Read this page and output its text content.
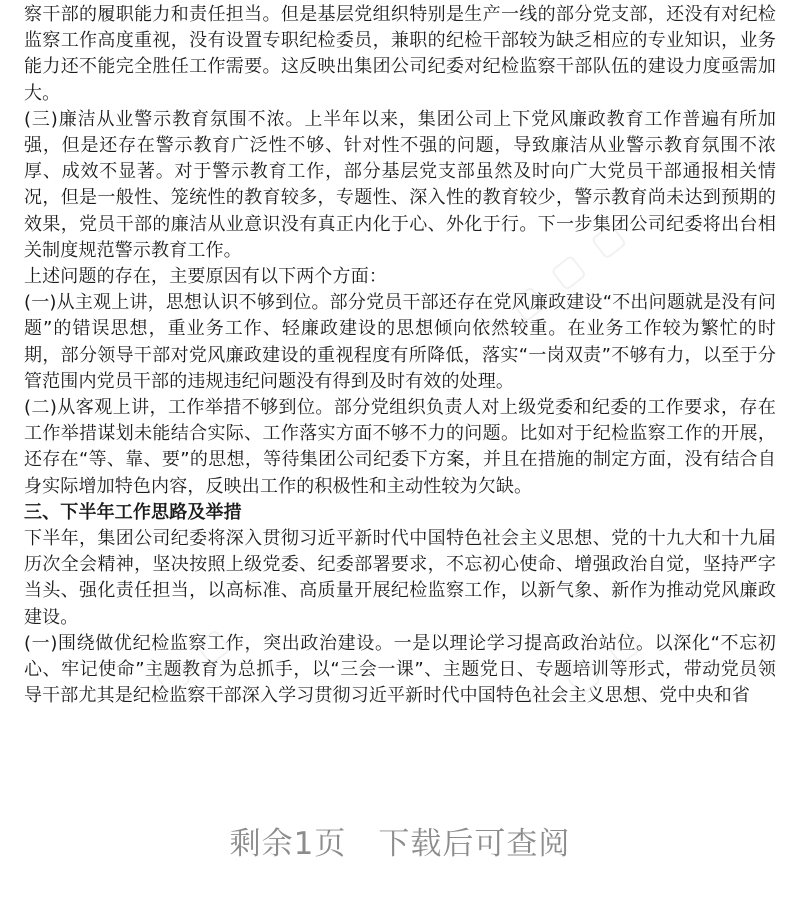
察干部的履职能力和责任担当。但是基层党组织特别是生产一线的部分党支部，还没有对纪检监察工作高度重视，没有设置专职纪检委员，兼职的纪检干部较为缺乏相应的专业知识，业务能力还不能完全胜任工作需要。这反映出集团公司纪委对纪检监察干部队伍的建设力度亟需加大。

(三)廉洁从业警示教育氛围不浓。上半年以来，集团公司上下党风廉政教育工作普遍有所加强，但是还存在警示教育广泛性不够、针对性不强的问题，导致廉洁从业警示教育氛围不浓厚、成效不显著。对于警示教育工作，部分基层党支部虽然及时向广大党员干部通报相关情况，但是一般性、笼统性的教育较多，专题性、深入性的教育较少，警示教育尚未达到预期的效果，党员干部的廉洁从业意识没有真正内化于心、外化于行。下一步集团公司纪委将出台相关制度规范警示教育工作。

上述问题的存在，主要原因有以下两个方面：

(一)从主观上讲，思想认识不够到位。部分党员干部还存在党风廉政建设“不出问题就是没有问题”的错误思想，重业务工作、轻廉政建设的思想倾向依然较重。在业务工作较为繁忙的时期，部分领导干部对党风廉政建设的重视程度有所降低，落实“一岗双责”不够有力，以至于分管范围内党员干部的违规违纪问题没有得到及时有效的处理。

(二)从客观上讲，工作举措不够到位。部分党组织负责人对上级党委和纪委的工作要求，存在工作举措谋划未能结合实际、工作落实方面不够不力的问题。比如对于纪检监察工作的开展，还存在“等、靠、要”的思想，等待集团公司纪委下方案，并且在措施的制定方面，没有结合自身实际增加特色内容，反映出工作的积极性和主动性较为欠缺。

三、下半年工作思路及举措

下半年，集团公司纪委将深入贯彻习近平新时代中国特色社会主义思想、党的十九大和十九届历次全会精神，坚决按照上级党委、纪委部署要求，不忘初心使命、增强政治自觉，坚持严字当头、强化责任担当，以高标准、高质量开展纪检监察工作，以新气象、新作为推动党风廉政建设。

(一)围绕做优纪检监察工作，突出政治建设。一是以理论学习提高政治站位。以深化“不忘初心、牢记使命”主题教育为总抓手，以“三会一课”、主题党日、专题培训等形式，带动党员领导干部尤其是纪检监察干部深入学习贯彻习近平新时代中国特色社会主义思想、党中央和省

▢ ▢ ▢
▢ ▢	▢ ▢
剩余1页 下载后可查阅
